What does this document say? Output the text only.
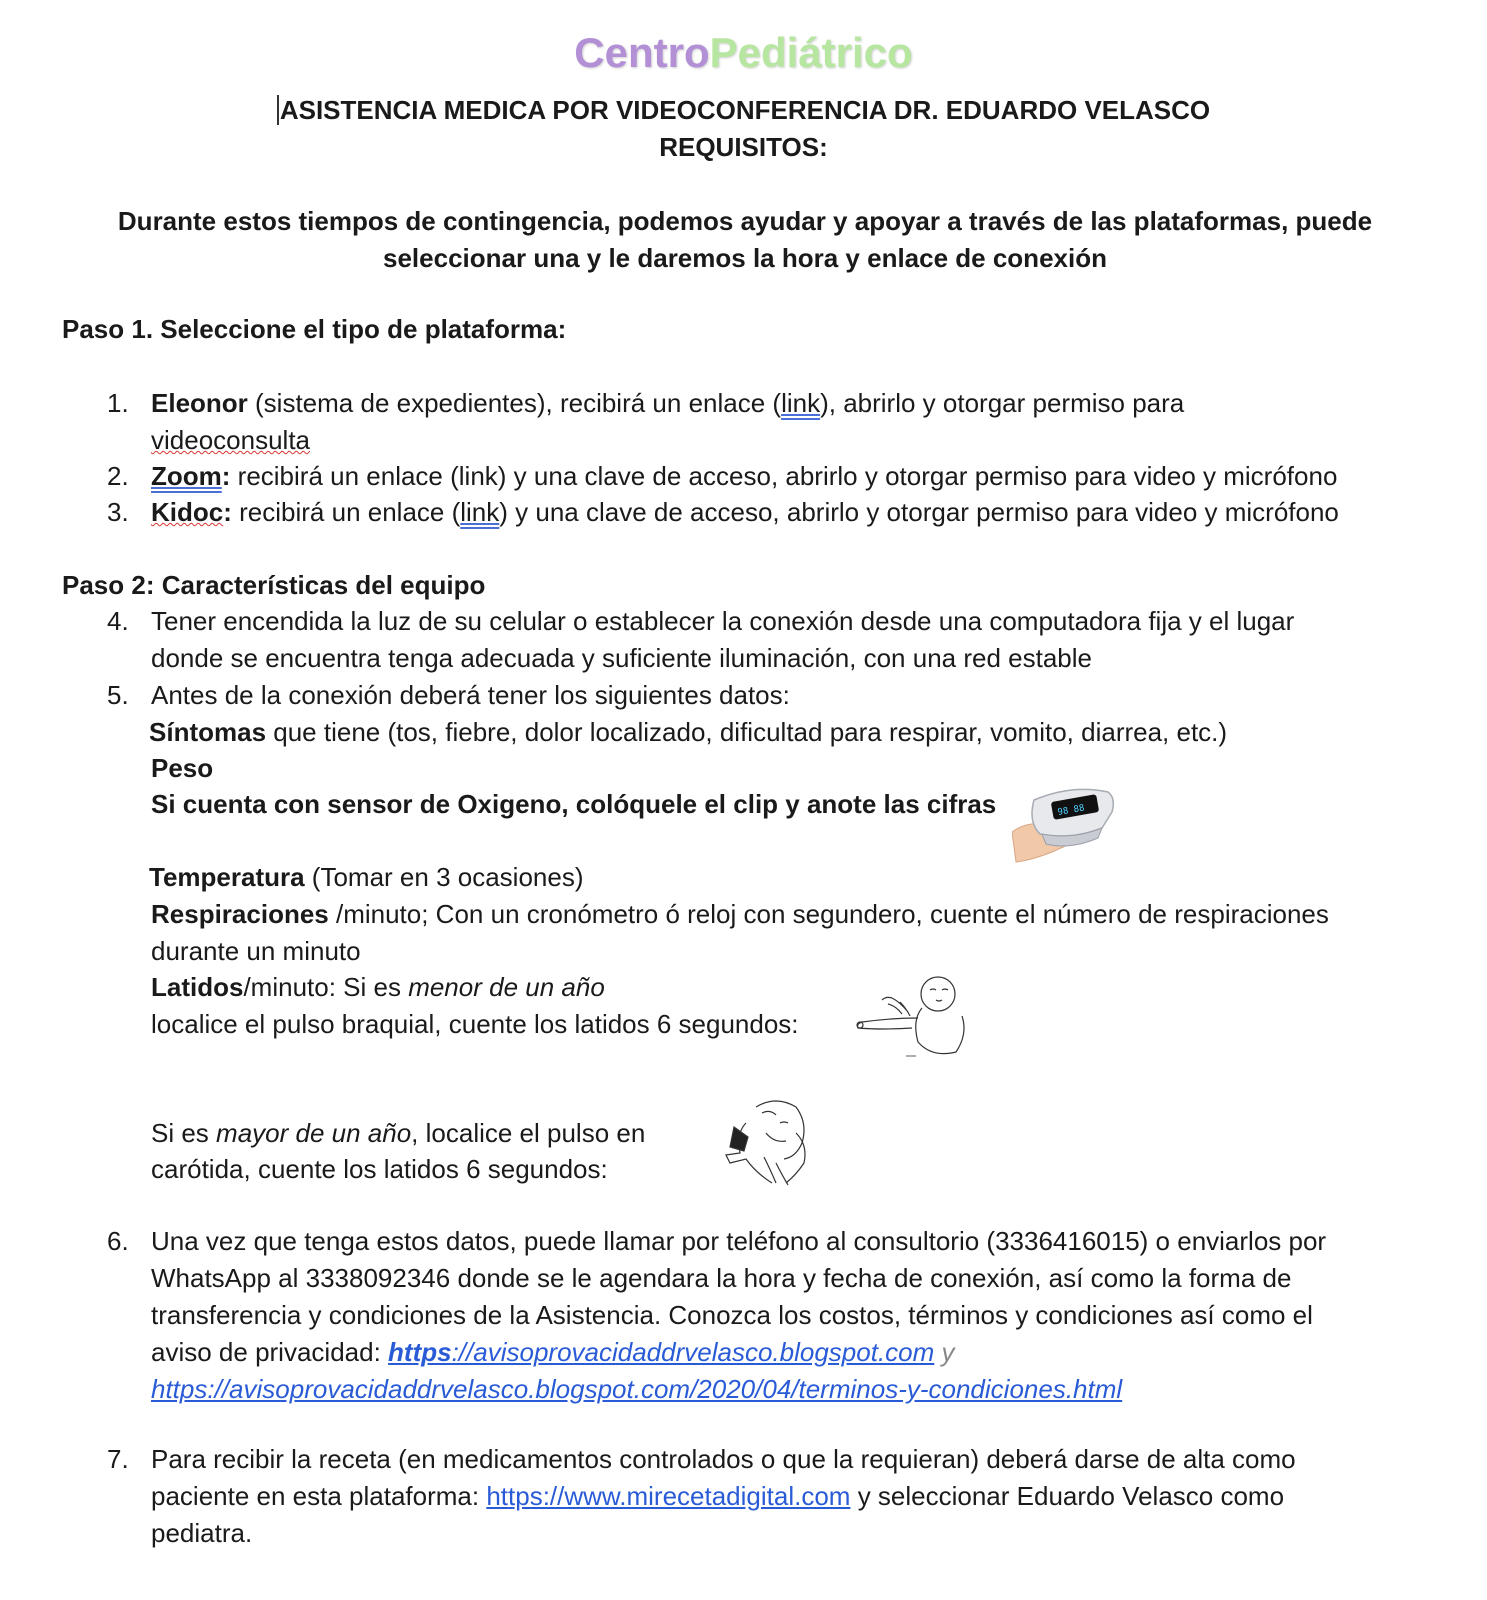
CentroPediátrico
ASISTENCIA MEDICA POR VIDEOCONFERENCIA DR. EDUARDO VELASCO
REQUISITOS:
Durante estos tiempos de contingencia, podemos ayudar y apoyar a través de las plataformas, puede
seleccionar una y le daremos la hora y enlace de conexión
Paso 1. Seleccione el tipo de plataforma:
1. Eleonor (sistema de expedientes), recibirá un enlace (link), abrirlo y otorgar permiso para
videoconsulta
2. Zoom: recibirá un enlace (link) y una clave de acceso, abrirlo y otorgar permiso para video y micrófono
3. Kidoc: recibirá un enlace (link) y una clave de acceso, abrirlo y otorgar permiso para video y micrófono
Paso 2: Características del equipo
4. Tener encendida la luz de su celular o establecer la conexión desde una computadora fija y el lugar
donde se encuentra tenga adecuada y suficiente iluminación, con una red estable
5. Antes de la conexión deberá tener los siguientes datos:
Síntomas que tiene (tos, fiebre, dolor localizado, dificultad para respirar, vomito, diarrea, etc.)
Peso
Si cuenta con sensor de Oxigeno, colóquele el clip y anote las cifras	98 88
Temperatura (Tomar en 3 ocasiones)
Respiraciones /minuto; Con un cronómetro ó reloj con segundero, cuente el número de respiraciones
durante un minuto
Latidos/minuto: Si es menor de un año
localice el pulso braquial, cuente los latidos 6 segundos:
Si es mayor de un año, localice el pulso en
carótida, cuente los latidos 6 segundos:
6. Una vez que tenga estos datos, puede llamar por teléfono al consultorio (3336416015) o enviarlos por
WhatsApp al 3338092346 donde se le agendara la hora y fecha de conexión, así como la forma de
transferencia y condiciones de la Asistencia. Conozca los costos, términos y condiciones así como el
aviso de privacidad: https://avisoprovacidaddrvelasco.blogspot.com y
https://avisoprovacidaddrvelasco.blogspot.com/2020/04/terminos-y-condiciones.html
7. Para recibir la receta (en medicamentos controlados o que la requieran) deberá darse de alta como
paciente en esta plataforma: https://www.mirecetadigital.com y seleccionar Eduardo Velasco como
pediatra.
